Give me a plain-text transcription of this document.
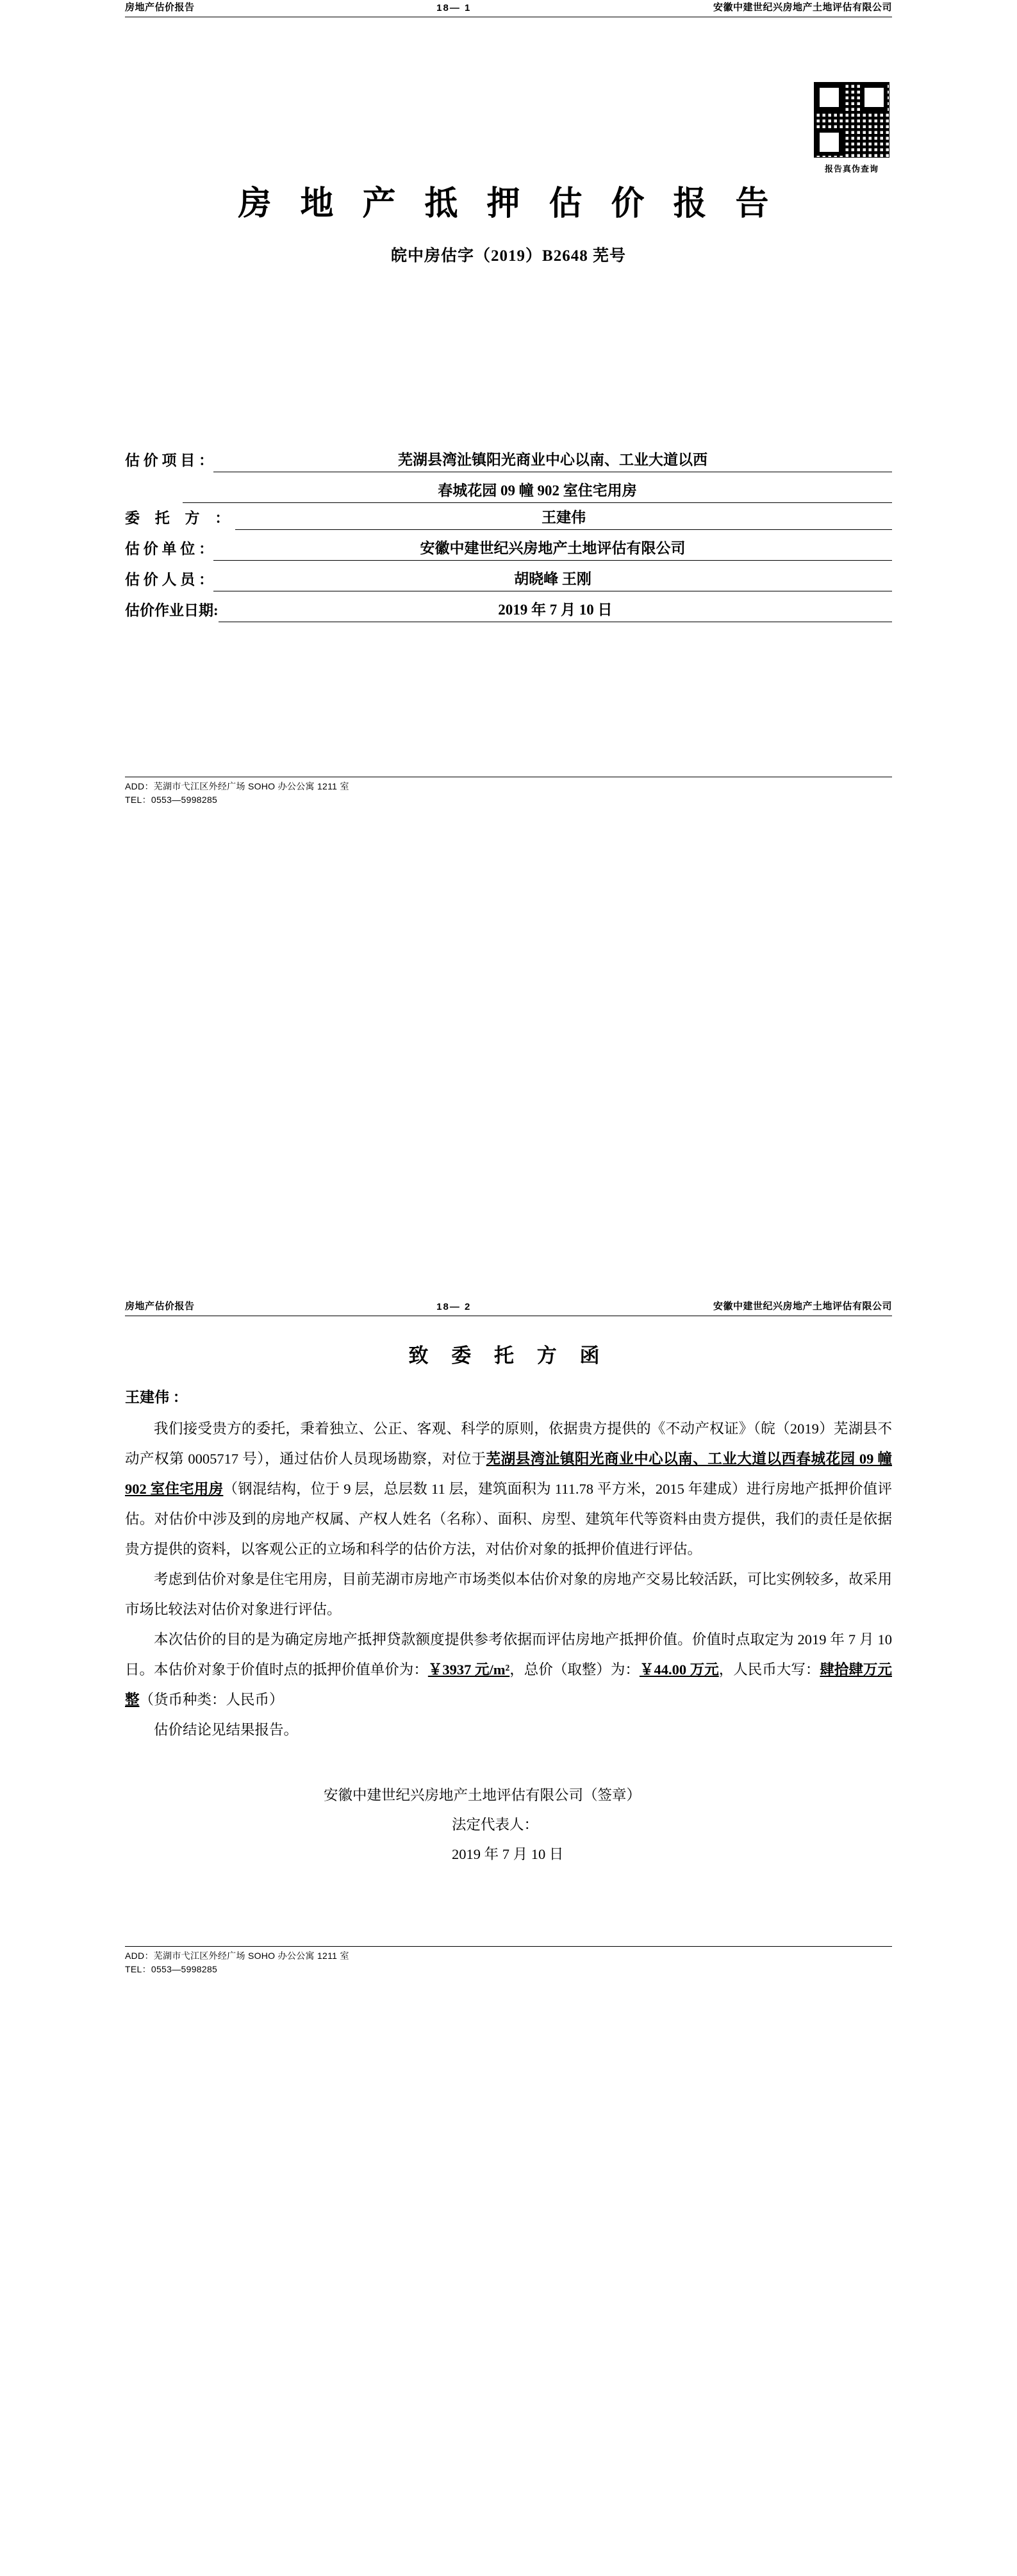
房地产估价报告	18— 1	安徽中建世纪兴房地产土地评估有限公司
报告真伪查询
房 地 产 抵 押 估 价 报 告
皖中房估字（2019）B2648 芜号
估 价 项 目 ：	芜湖县湾沚镇阳光商业中心以南、工业大道以西
春城花园 09 幢 902 室住宅用房
委 托 方 ：	王建伟
估 价 单 位 ：	安徽中建世纪兴房地产土地评估有限公司
估 价 人 员 ：	胡晓峰 王刚
估价作业日期:	2019 年 7 月 10 日
ADD：芜湖市弋江区外经广场 SOHO 办公公寓 1211 室
TEL：0553—5998285
房地产估价报告	18— 2	安徽中建世纪兴房地产土地评估有限公司
致 委 托 方 函
王建伟 ：

我们接受贵方的委托，秉着独立、公正、客观、科学的原则，依据贵方提供的《不动产权证》（皖（2019）芜湖县不动产权第 0005717 号），通过估价人员现场勘察，对位于芜湖县湾沚镇阳光商业中心以南、工业大道以西春城花园 09 幢 902 室住宅用房（钢混结构，位于 9 层，总层数 11 层，建筑面积为 111.78 平方米，2015 年建成）进行房地产抵押价值评估。对估价中涉及到的房地产权属、产权人姓名（名称）、面积、房型、建筑年代等资料由贵方提供，我们的责任是依据贵方提供的资料，以客观公正的立场和科学的估价方法，对估价对象的抵押价值进行评估。

考虑到估价对象是住宅用房，目前芜湖市房地产市场类似本估价对象的房地产交易比较活跃，可比实例较多，故采用市场比较法对估价对象进行评估。

本次估价的目的是为确定房地产抵押贷款额度提供参考依据而评估房地产抵押价值。价值时点取定为 2019 年 7 月 10 日。本估价对象于价值时点的抵押价值单价为：￥3937 元/m²，总价（取整）为：￥44.00 万元，人民币大写：肆拾肆万元整（货币种类：人民币）

估价结论见结果报告。

安徽中建世纪兴房地产土地评估有限公司（签章）
法定代表人：
2019 年 7 月 10 日
ADD：芜湖市弋江区外经广场 SOHO 办公公寓 1211 室
TEL：0553—5998285
